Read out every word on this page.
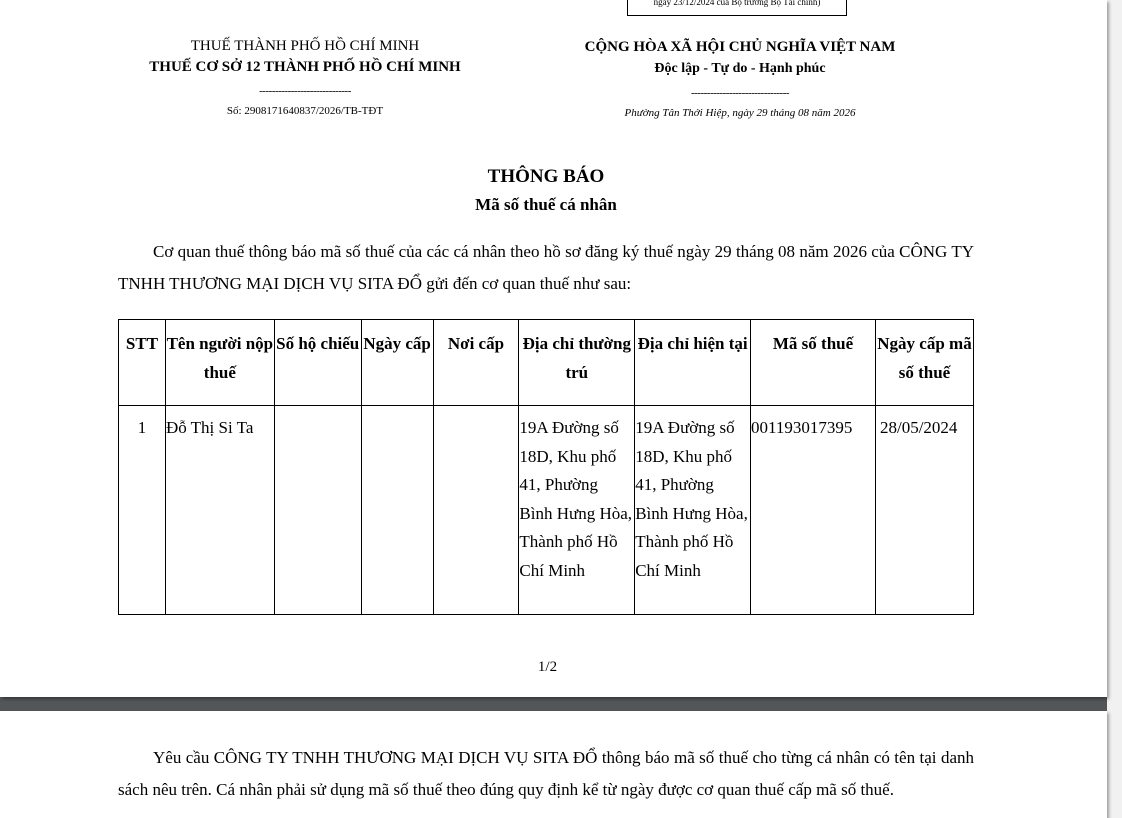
ngày 23/12/2024 của Bộ trưởng Bộ Tài chính)
THUẾ THÀNH PHỐ HỒ CHÍ MINH
THUẾ CƠ SỞ 12 THÀNH PHỐ HỒ CHÍ MINH
-----------------------------
Số: 2908171640837/2026/TB-TĐT
CỘNG HÒA XÃ HỘI CHỦ NGHĨA VIỆT NAM
Độc lập - Tự do - Hạnh phúc
-------------------------------
Phường Tân Thới Hiệp, ngày 29 tháng 08 năm 2026
THÔNG BÁO
Mã số thuế cá nhân
Cơ quan thuế thông báo mã số thuế của các cá nhân theo hồ sơ đăng ký thuế ngày 29 tháng 08 năm 2026 của CÔNG TY TNHH THƯƠNG MẠI DỊCH VỤ SITA ĐỔ gửi đến cơ quan thuế như sau:
STT	Tên người nộp thuế	Số hộ chiếu	Ngày cấp	Nơi cấp	Địa chỉ thường trú	Địa chỉ hiện tại	Mã số thuế	Ngày cấp mã số thuế
1	Đỗ Thị Si Ta				19A Đường số 18D, Khu phố 41, Phường Bình Hưng Hòa, Thành phố Hồ Chí Minh	19A Đường số 18D, Khu phố 41, Phường Bình Hưng Hòa, Thành phố Hồ Chí Minh	001193017395	28/05/2024
1/2
Yêu cầu CÔNG TY TNHH THƯƠNG MẠI DỊCH VỤ SITA ĐỔ thông báo mã số thuế cho từng cá nhân có tên tại danh sách nêu trên. Cá nhân phải sử dụng mã số thuế theo đúng quy định kể từ ngày được cơ quan thuế cấp mã số thuế.
